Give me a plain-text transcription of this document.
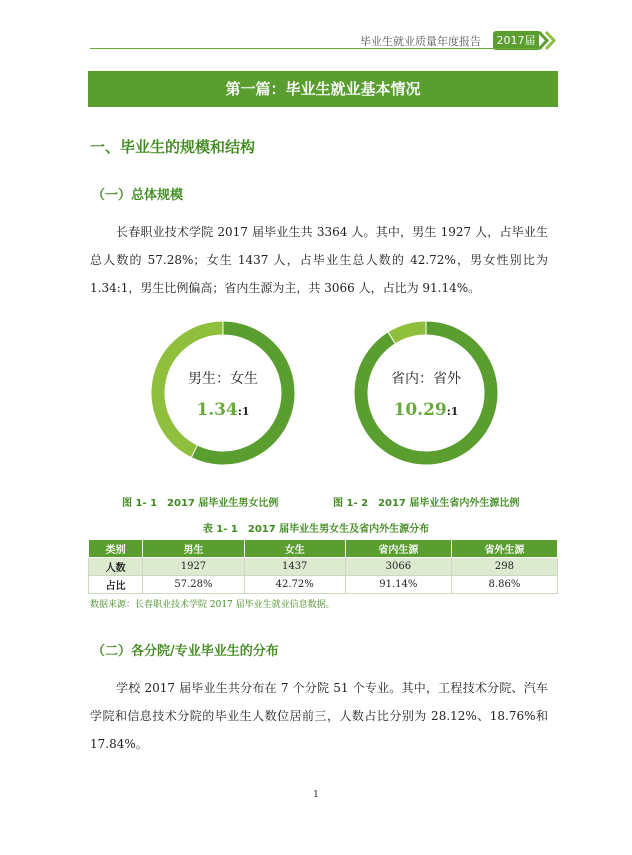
毕业生就业质量年度报告	2017届
第一篇：毕业生就业基本情况
一、毕业生的规模和结构
（一）总体规模
长春职业技术学院 2017 届毕业生共 3364 人。其中，男生 1927 人，占毕业生总人数的 57.28%；女生 1437 人，占毕业生总人数的 42.72%，男女性别比为 1.34:1，男生比例偏高；省内生源为主，共 3066 人，占比为 91.14%。
男生：女生
1.34:1
省内：省外
10.29:1
图 1- 1　2017 届毕业生男女比例	图 1- 2　2017 届毕业生省内外生源比例
表 1- 1　2017 届毕业生男女生及省内外生源分布
类别	男生	女生	省内生源	省外生源
人数	1927	1437	3066	298
占比	57.28%	42.72%	91.14%	8.86%
数据来源：长春职业技术学院 2017 届毕业生就业信息数据。
（二）各分院/专业毕业生的分布
学校 2017 届毕业生共分布在 7 个分院 51 个专业。其中，工程技术分院、汽车学院和信息技术分院的毕业生人数位居前三，人数占比分别为 28.12%、18.76%和 17.84%。
1
